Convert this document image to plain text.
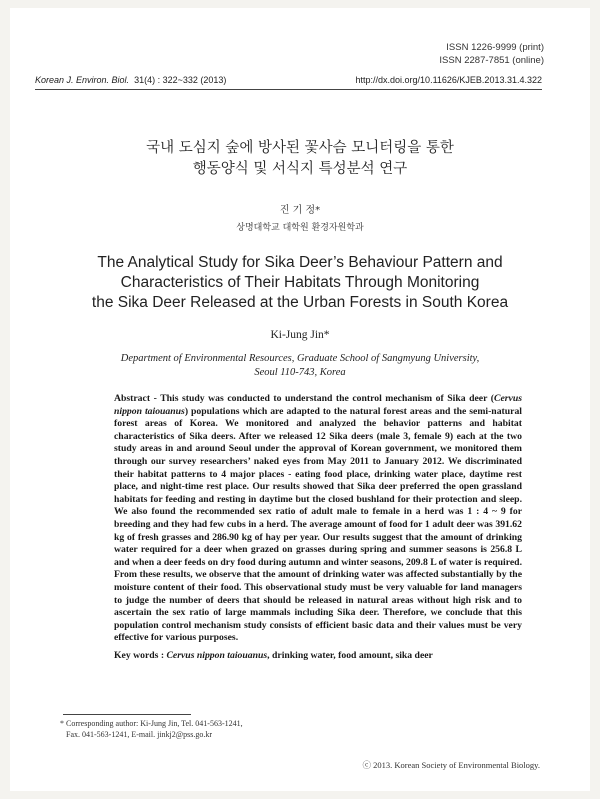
ISSN 1226-9999 (print)
ISSN 2287-7851 (online)
Korean J. Environ. Biol. 31(4) : 322~332 (2013)	http://dx.doi.org/10.11626/KJEB.2013.31.4.322
국내 도심지 숲에 방사된 꽃사슴 모니터링을 통한
행동양식 및 서식지 특성분석 연구
진 기 정*
상명대학교 대학원 환경자원학과
The Analytical Study for Sika Deer’s Behaviour Pattern and
Characteristics of Their Habitats Through Monitoring
the Sika Deer Released at the Urban Forests in South Korea
Ki-Jung Jin*
Department of Environmental Resources, Graduate School of Sangmyung University,
Seoul 110-743, Korea
Abstract - This study was conducted to understand the control mechanism of Sika deer (Cervus nippon taiouanus) populations which are adapted to the natural forest areas and the semi-natural forest areas of Korea. We monitored and analyzed the behavior patterns and habitat characteristics of Sika deers. After we released 12 Sika deers (male 3, female 9) each at the two study areas in and around Seoul under the approval of Korean government, we monitored them through our survey researchers’ naked eyes from May 2011 to January 2012. We discriminated their habitat patterns to 4 major places - eating food place, drinking water place, daytime rest place, and night-time rest place. Our results showed that Sika deer preferred the open grassland habitats for feeding and resting in daytime but the closed bushland for their protection and sleep. We also found the recommended sex ratio of adult male to female in a herd was 1 : 4 ~ 9 for breeding and they had few cubs in a herd. The average amount of food for 1 adult deer was 391.62 kg of fresh grasses and 286.90 kg of hay per year. Our results suggest that the amount of drinking water required for a deer when grazed on grasses during spring and summer seasons is 256.8 L and when a deer feeds on dry food during autumn and winter seasons, 209.8 L of water is required. From these results, we observe that the amount of drinking water was affected substantially by the moisture content of their food. This observational study must be very valuable for land managers to judge the number of deers that should be released in natural areas without high risk and to ascertain the sex ratio of large mammals including Sika deer. Therefore, we conclude that this population control mechanism study consists of efficient basic data and their values must be very effective for various purposes.
Key words : Cervus nippon taiouanus, drinking water, food amount, sika deer
* Corresponding author: Ki-Jung Jin, Tel. 041-563-1241,
Fax. 041-563-1241, E-mail. jinkj2@pss.go.kr
ⓒ 2013. Korean Society of Environmental Biology.
